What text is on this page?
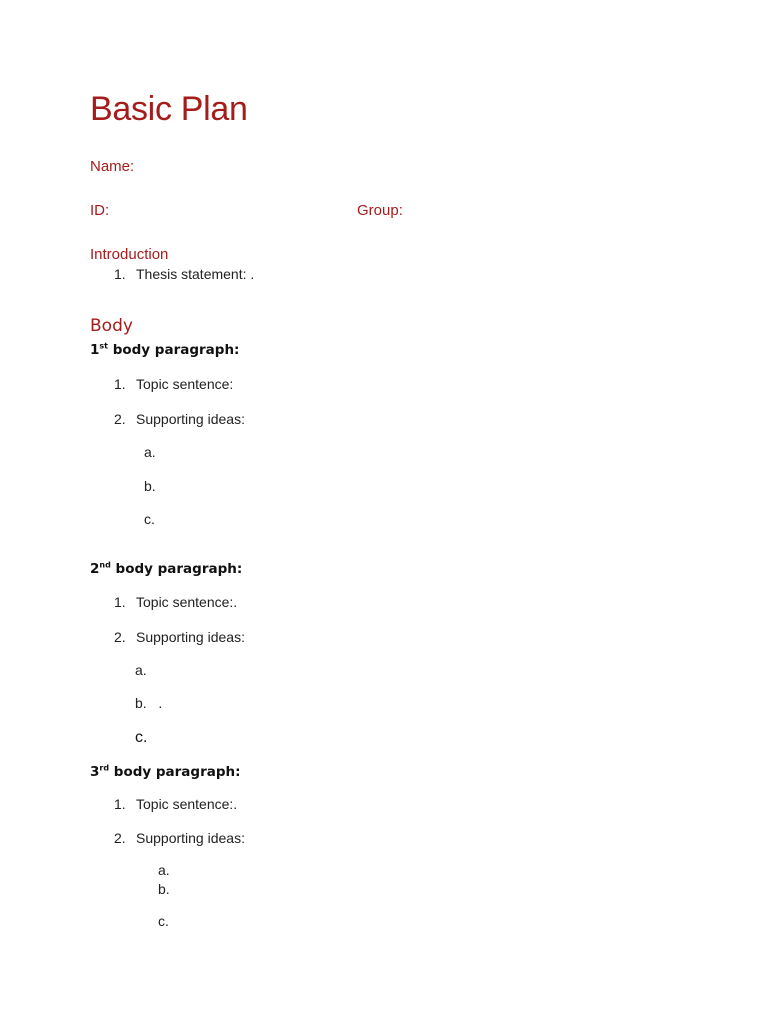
Basic Plan
Name:
ID:	Group:
Introduction
1. Thesis statement: .
Body
1st body paragraph:
1. Topic sentence:
2. Supporting ideas:
a.
b.
c.
2nd body paragraph:
1. Topic sentence:.
2. Supporting ideas:
a.
b.   .
c.
3rd body paragraph:
1. Topic sentence:.
2. Supporting ideas:
a.
b.
c.
